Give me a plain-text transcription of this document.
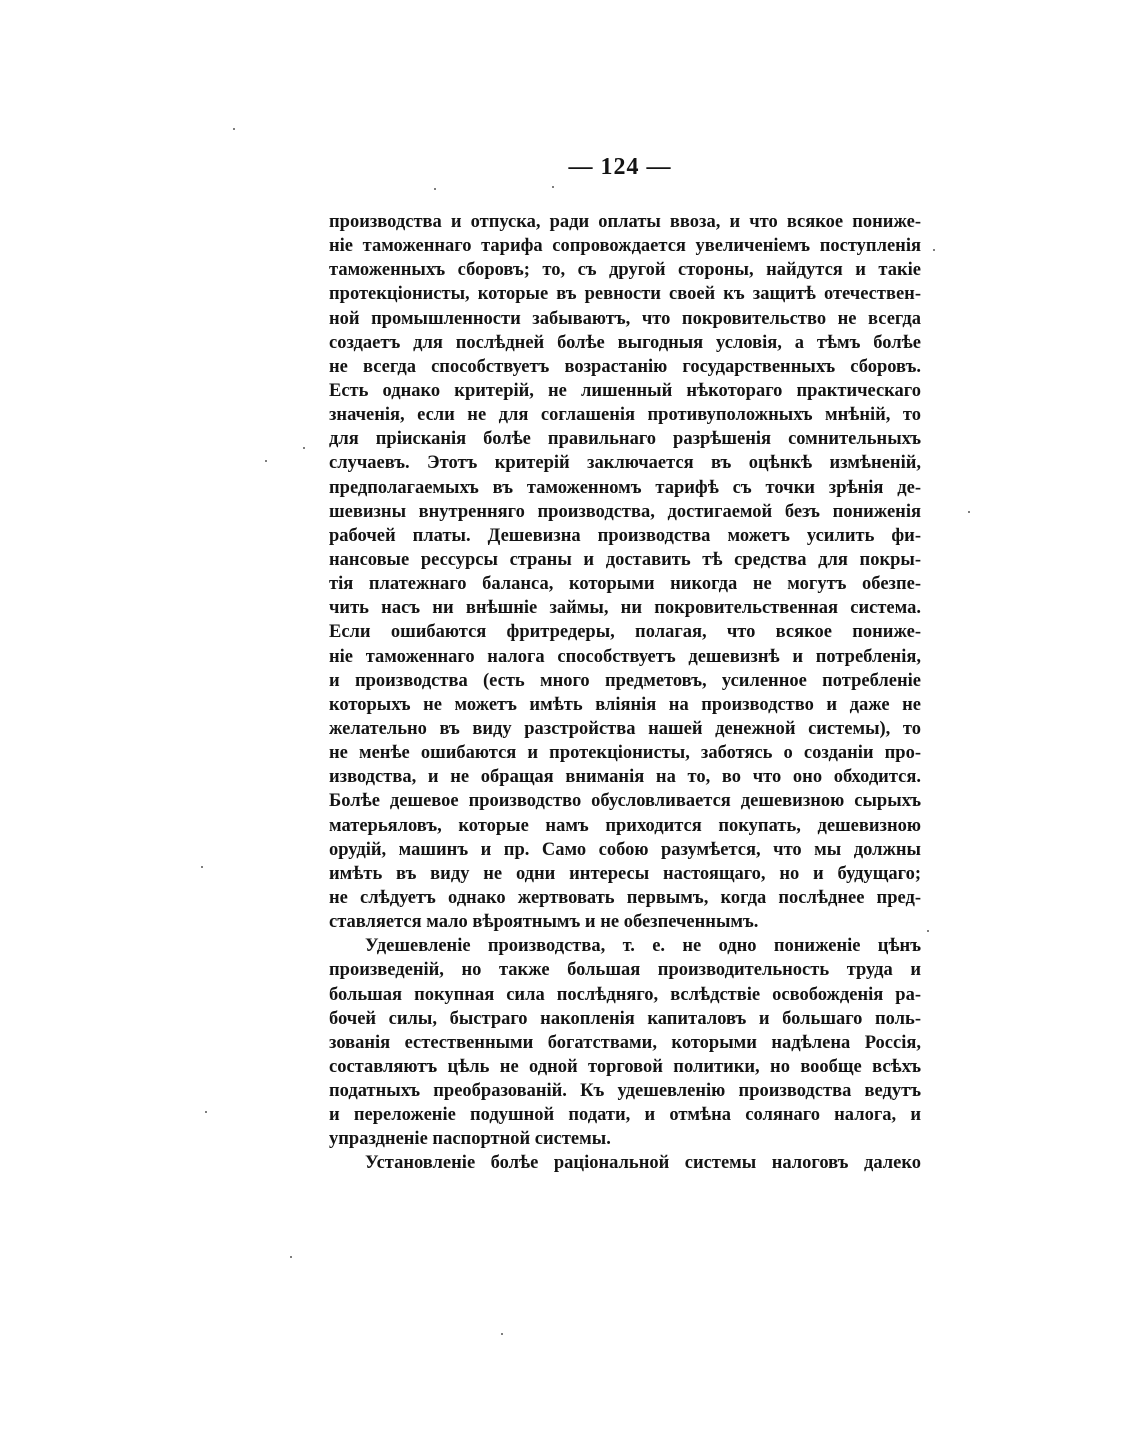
— 124 —
производства и отпуска, ради оплаты ввоза, и что всякое пониже-
ніе таможеннаго тарифа сопровождается увеличеніемъ поступленія
таможенныхъ сборовъ; то, съ другой стороны, найдутся и такіе
протекціонисты, которые въ ревности своей къ защитѣ отечествен-
ной промышленности забываютъ, что покровительство не всегда
создаетъ для послѣдней болѣе выгодныя условія, а тѣмъ болѣе
не всегда способствуетъ возрастанію государственныхъ сборовъ.
Есть однако критерій, не лишенный нѣкотораго практическаго
значенія, если не для соглашенія противуположныхъ мнѣній, то
для пріисканія болѣе правильнаго разрѣшенія сомнительныхъ
случаевъ. Этотъ критерій заключается въ оцѣнкѣ измѣненій,
предполагаемыхъ въ таможенномъ тарифѣ съ точки зрѣнія де-
шевизны внутренняго производства, достигаемой безъ пониженія
рабочей платы. Дешевизна производства можетъ усилить фи-
нансовые рессурсы страны и доставить тѣ средства для покры-
тія платежнаго баланса, которыми никогда не могутъ обезпе-
чить насъ ни внѣшніе займы, ни покровительственная система.
Если ошибаются фритредеры, полагая, что всякое пониже-
ніе таможеннаго налога способствуетъ дешевизнѣ и потребленія,
и производства (есть много предметовъ, усиленное потребленіе
которыхъ не можетъ имѣть вліянія на производство и даже не
желательно въ виду разстройства нашей денежной системы), то
не менѣе ошибаются и протекціонисты, заботясь о созданіи про-
изводства, и не обращая вниманія на то, во что оно обходится.
Болѣе дешевое производство обусловливается дешевизною сырыхъ
матерьяловъ, которые намъ приходится покупать, дешевизною
орудій, машинъ и пр. Само собою разумѣется, что мы должны
имѣть въ виду не одни интересы настоящаго, но и будущаго;
не слѣдуетъ однако жертвовать первымъ, когда послѣднее пред-
ставляется мало вѣроятнымъ и не обезпеченнымъ.
Удешевленіе производства, т. е. не одно пониженіе цѣнъ
произведеній, но также большая производительность труда и
большая покупная сила послѣдняго, вслѣдствіе освобожденія ра-
бочей силы, быстраго накопленія капиталовъ и большаго поль-
зованія естественными богатствами, которыми надѣлена Россія,
составляютъ цѣль не одной торговой политики, но вообще всѣхъ
податныхъ преобразованій. Къ удешевленію производства ведутъ
и переложеніе подушной подати, и отмѣна солянаго налога, и
упраздненіе паспортной системы.
Установленіе болѣе раціональной системы налоговъ далеко
